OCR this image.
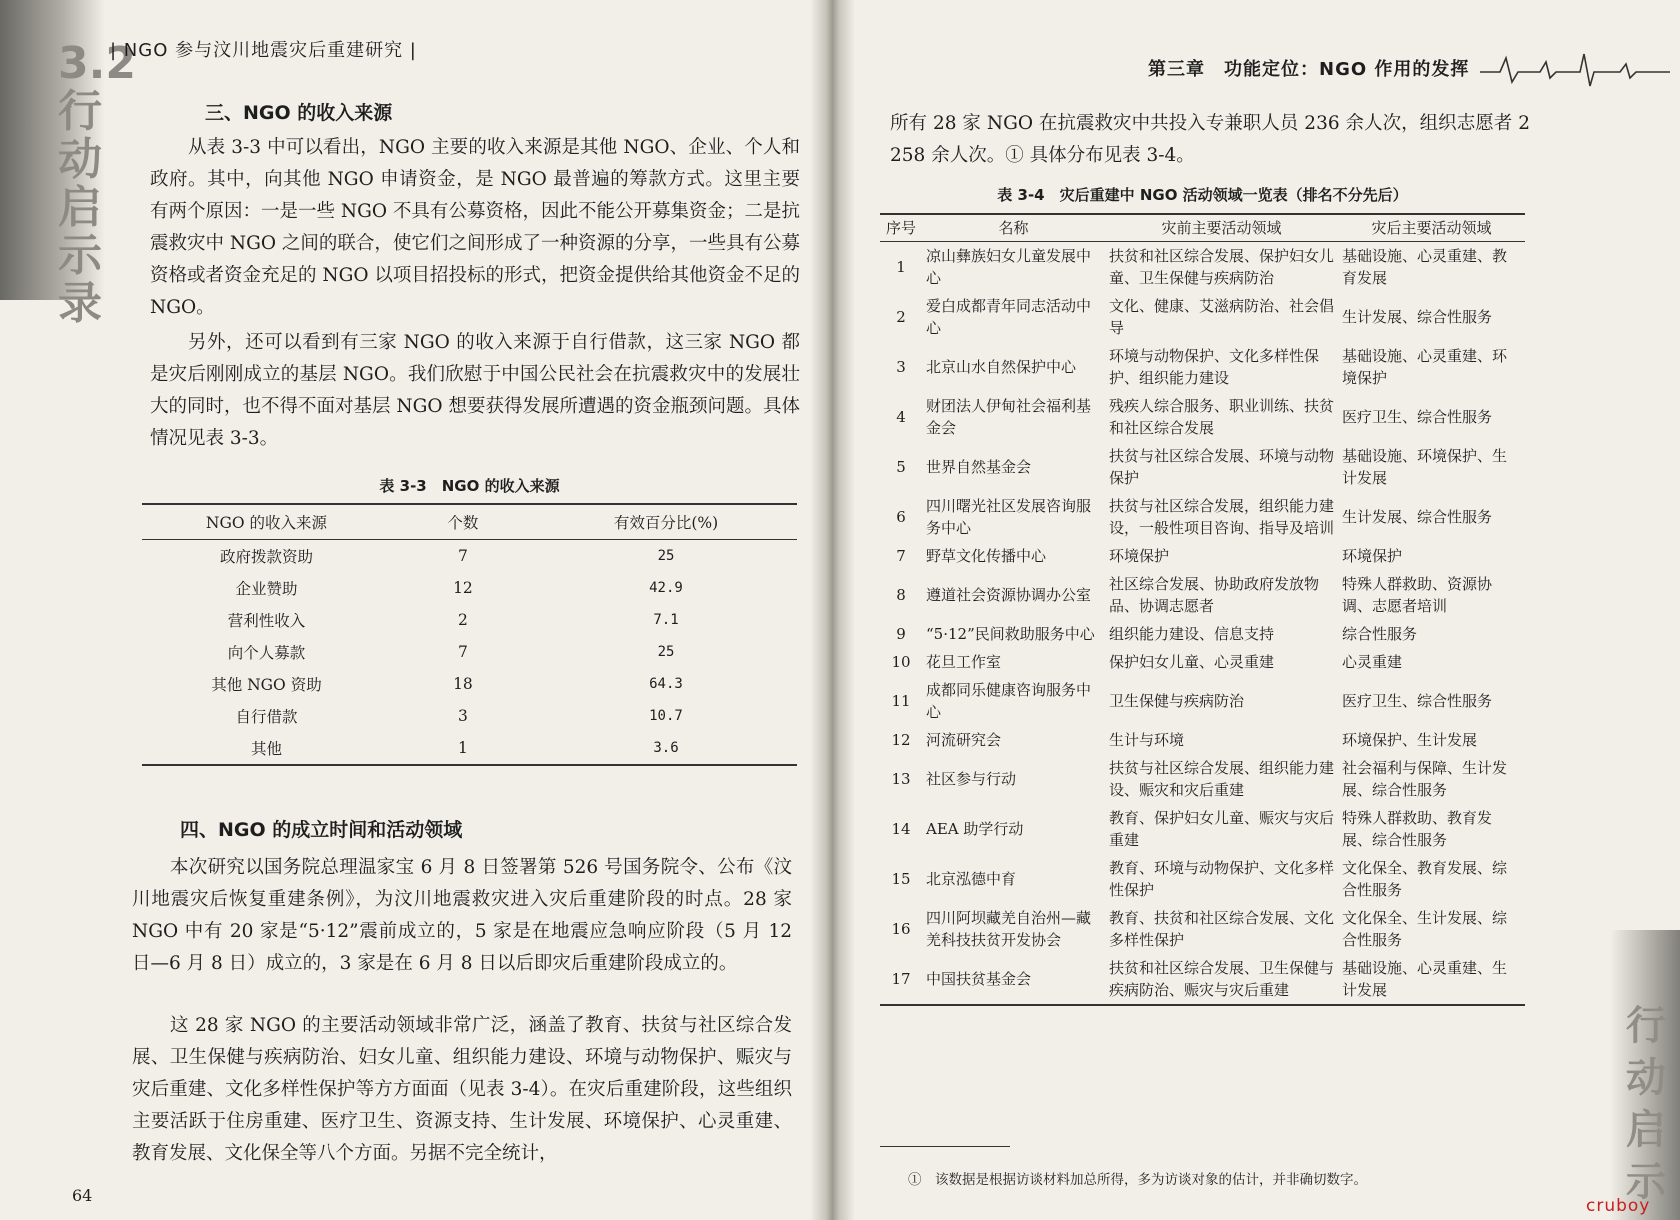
3.2 行动启示录
| NGO 参与汶川地震灾后重建研究 |
三、NGO 的收入来源

从表 3-3 中可以看出，NGO 主要的收入来源是其他 NGO、企业、个人和政府。其中，向其他 NGO 申请资金，是 NGO 最普遍的筹款方式。这里主要有两个原因：一是一些 NGO 不具有公募资格，因此不能公开募集资金；二是抗震救灾中 NGO 之间的联合，使它们之间形成了一种资源的分享，一些具有公募资格或者资金充足的 NGO 以项目招投标的形式，把资金提供给其他资金不足的 NGO。

另外，还可以看到有三家 NGO 的收入来源于自行借款，这三家 NGO 都是灾后刚刚成立的基层 NGO。我们欣慰于中国公民社会在抗震救灾中的发展壮大的同时，也不得不面对基层 NGO 想要获得发展所遭遇的资金瓶颈问题。具体情况见表 3-3。

表 3-3　NGO 的收入来源
NGO 的收入来源	个数	有效百分比(%)
政府拨款资助	7	25
企业赞助	12	42.9
营利性收入	2	7.1
向个人募款	7	25
其他 NGO 资助	18	64.3
自行借款	3	10.7
其他	1	3.6
四、NGO 的成立时间和活动领域

本次研究以国务院总理温家宝 6 月 8 日签署第 526 号国务院令、公布《汶川地震灾后恢复重建条例》，为汶川地震救灾进入灾后重建阶段的时点。28 家 NGO 中有 20 家是“5·12”震前成立的，5 家是在地震应急响应阶段（5 月 12 日—6 月 8 日）成立的，3 家是在 6 月 8 日以后即灾后重建阶段成立的。

这 28 家 NGO 的主要活动领域非常广泛，涵盖了教育、扶贫与社区综合发展、卫生保健与疾病防治、妇女儿童、组织能力建设、环境与动物保护、赈灾与灾后重建、文化多样性保护等方方面面（见表 3-4）。在灾后重建阶段，这些组织主要活跃于住房重建、医疗卫生、资源支持、生计发展、环境保护、心灵重建、教育发展、文化保全等八个方面。另据不完全统计，

64
行动启示
第三章　功能定位：NGO 作用的发挥

所有 28 家 NGO 在抗震救灾中共投入专兼职人员 236 余人次，组织志愿者 2 258 余人次。① 具体分布见表 3-4。

表 3-4　灾后重建中 NGO 活动领域一览表（排名不分先后）
序号	名称	灾前主要活动领域	灾后主要活动领域
1	凉山彝族妇女儿童发展中心	扶贫和社区综合发展、保护妇女儿童、卫生保健与疾病防治	基础设施、心灵重建、教育发展
2	爱白成都青年同志活动中心	文化、健康、艾滋病防治、社会倡导	生计发展、综合性服务
3	北京山水自然保护中心	环境与动物保护、文化多样性保护、组织能力建设	基础设施、心灵重建、环境保护
4	财团法人伊甸社会福利基金会	残疾人综合服务、职业训练、扶贫和社区综合发展	医疗卫生、综合性服务
5	世界自然基金会	扶贫与社区综合发展、环境与动物保护	基础设施、环境保护、生计发展
6	四川曙光社区发展咨询服务中心	扶贫与社区综合发展，组织能力建设，一般性项目咨询、指导及培训	生计发展、综合性服务
7	野草文化传播中心	环境保护	环境保护
8	遵道社会资源协调办公室	社区综合发展、协助政府发放物品、协调志愿者	特殊人群救助、资源协调、志愿者培训
9	“5·12”民间救助服务中心	组织能力建设、信息支持	综合性服务
10	花旦工作室	保护妇女儿童、心灵重建	心灵重建
11	成都同乐健康咨询服务中心	卫生保健与疾病防治	医疗卫生、综合性服务
12	河流研究会	生计与环境	环境保护、生计发展
13	社区参与行动	扶贫与社区综合发展、组织能力建设、赈灾和灾后重建	社会福利与保障、生计发展、综合性服务
14	AEA 助学行动	教育、保护妇女儿童、赈灾与灾后重建	特殊人群救助、教育发展、综合性服务
15	北京泓德中育	教育、环境与动物保护、文化多样性保护	文化保全、教育发展、综合性服务
16	四川阿坝藏羌自治州—藏羌科技扶贫开发协会	教育、扶贫和社区综合发展、文化多样性保护	文化保全、生计发展、综合性服务
17	中国扶贫基金会	扶贫和社区综合发展、卫生保健与疾病防治、赈灾与灾后重建	基础设施、心灵重建、生计发展
①　该数据是根据访谈材料加总所得，多为访谈对象的估计，并非确切数字。
cruboy
